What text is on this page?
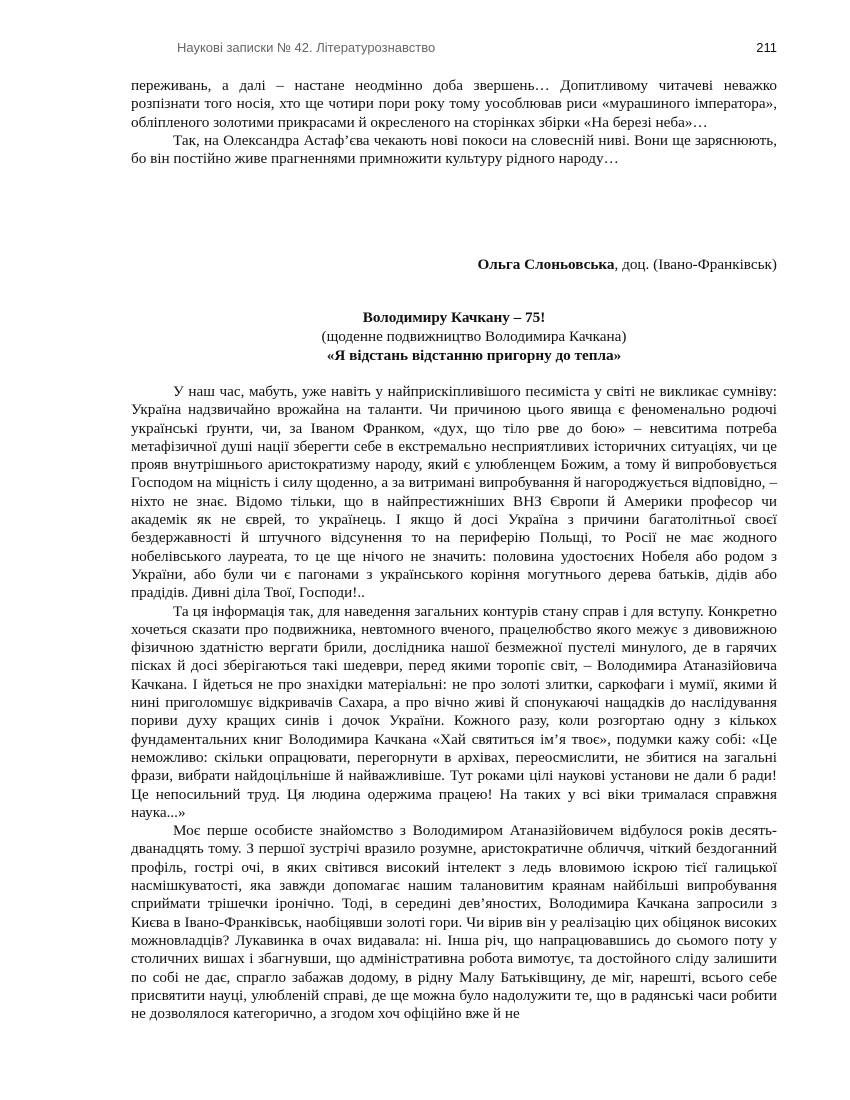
Наукові записки № 42. Літературознавство	211

переживань, а далі – настане неодмінно доба звершень… Допитливому читачеві неважко розпізнати того носія, хто ще чотири пори року тому уособлював риси «мурашиного імператора», обліпленого золотими прикрасами й окресленого на сторінках збірки «На березі неба»…

Так, на Олександра Астаф’єва чекають нові покоси на словесній ниві. Вони ще заряснюють, бо він постійно живе прагненнями примножити культуру рідного народу…

Ольга Слоньовська, доц. (Івано-Франківськ)
Володимиру Качкану – 75!
(щоденне подвижництво Володимира Качкана)
«Я відстань відстанню пригорну до тепла»

У наш час, мабуть, уже навіть у найприскіпливішого песиміста у світі не викликає сумніву: Україна надзвичайно врожайна на таланти. Чи причиною цього явища є феноменально родючі українські ґрунти, чи, за Іваном Франком, «дух, що тіло рве до бою» – невситима потреба метафізичної душі нації зберегти себе в екстремально несприятливих історичних ситуаціях, чи це прояв внутрішнього аристократизму народу, який є улюбленцем Божим, а тому й випробовується Господом на міцність і силу щоденно, а за витримані випробування й нагороджується відповідно, – ніхто не знає. Відомо тільки, що в найпрестижніших ВНЗ Європи й Америки професор чи академік як не єврей, то українець. І якщо й досі Україна з причини багатолітньої своєї бездержавності й штучного відсунення то на периферію Польщі, то Росії не має жодного нобелівського лауреата, то це ще нічого не значить: половина удостоєних Нобеля або родом з України, або були чи є пагонами з українського коріння могутнього дерева батьків, дідів або прадідів. Дивні діла Твої, Господи!..

Та ця інформація так, для наведення загальних контурів стану справ і для вступу. Конкретно хочеться сказати про подвижника, невтомного вченого, працелюбство якого межує з дивовижною фізичною здатністю вергати брили, дослідника нашої безмежної пустелі минулого, де в гарячих пісках й досі зберігаються такі шедеври, перед якими торопіє світ, – Володимира Атаназійовича Качкана. І йдеться не про знахідки матеріальні: не про золоті злитки, саркофаги і мумії, якими й нині приголомшує відкривачів Сахара, а про вічно живі й спонукаючі нащадків до наслідування пориви духу кращих синів і дочок України. Кожного разу, коли розгортаю одну з кількох фундаментальних книг Володимира Качкана «Хай святиться ім’я твоє», подумки кажу собі: «Це неможливо: скільки опрацювати, перегорнути в архівах, переосмислити, не збитися на загальні фрази, вибрати найдоцільніше й найважливіше. Тут роками цілі наукові установи не дали б ради! Це непосильний труд. Ця людина одержима працею! На таких у всі віки трималася справжня наука...»

Моє перше особисте знайомство з Володимиром Атаназійовичем відбулося років десять-дванадцять тому. З першої зустрічі вразило розумне, аристократичне обличчя, чіткий бездоганний профіль, гострі очі, в яких світився високий інтелект з ледь вловимою іскрою тієї галицької насмішкуватості, яка завжди допомагає нашим талановитим краянам найбільші випробування сприймати трішечки іронічно. Тоді, в середині дев’яностих, Володимира Качкана запросили з Києва в Івано-Франківськ, наобіцявши золоті гори. Чи вірив він у реалізацію цих обіцянок високих можновладців? Лукавинка в очах видавала: ні. Інша річ, що напрацювавшись до сьомого поту у столичних вишах і збагнувши, що адміністративна робота вимотує, та достойного сліду залишити по собі не дає, спрагло забажав додому, в рідну Малу Батьківщину, де міг, нарешті, всього себе присвятити науці, улюбленій справі, де ще можна було надолужити те, що в радянські часи робити не дозволялося категорично, а згодом хоч офіційно вже й не
